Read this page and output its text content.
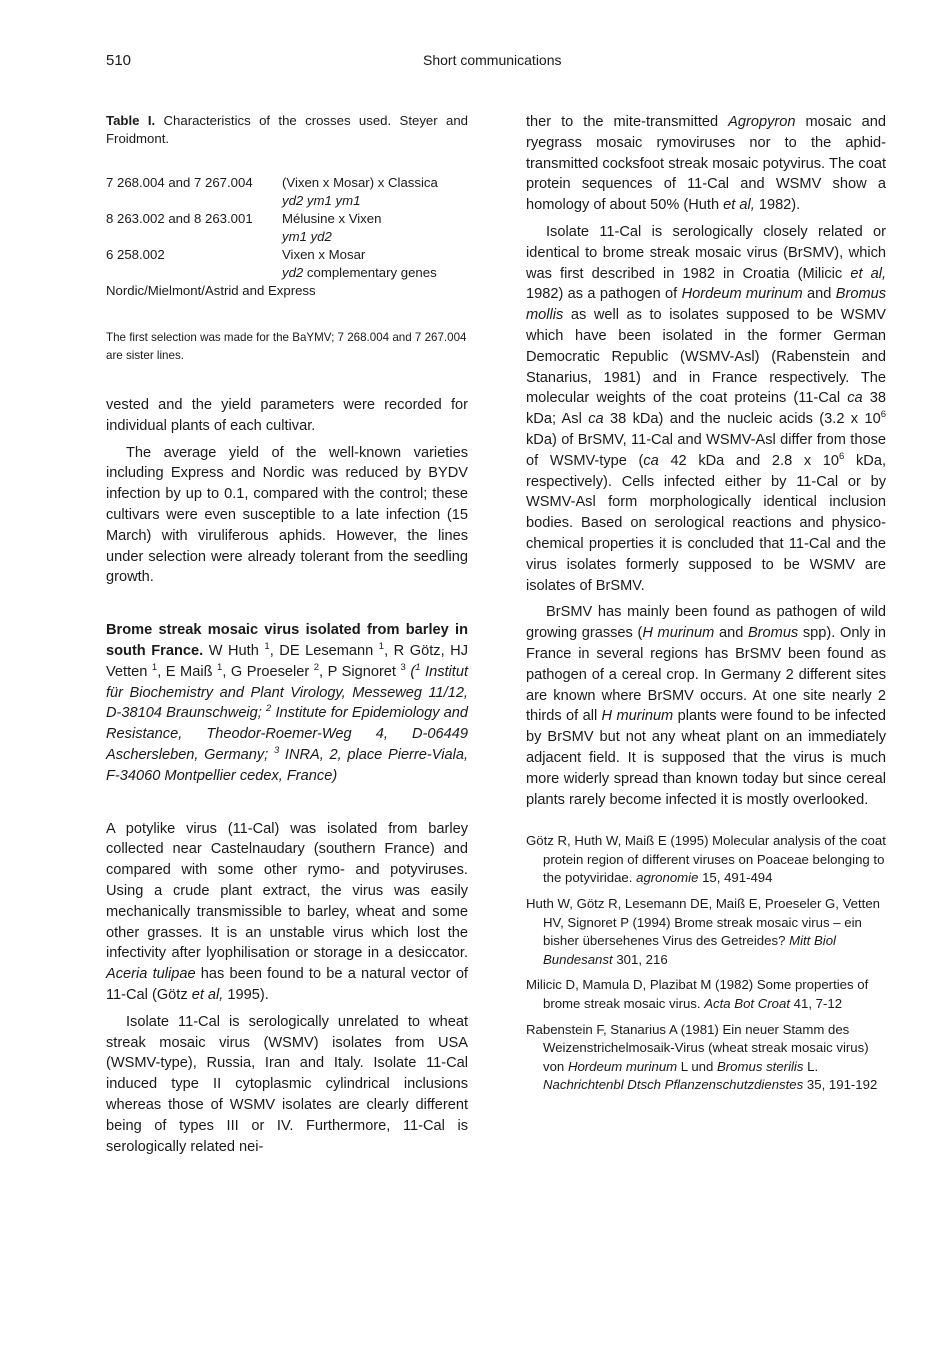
510	Short communications

Table I. Characteristics of the crosses used. Steyer and Froidmont.

7 268.004 and 7 267.004	(Vixen x Mosar) x Classica
yd2 ym1 ym1

8 263.002 and 8 263.001	Mélusine x Vixen
ym1 yd2

6 258.002	Vixen x Mosar
yd2 complementary genes
Nordic/Mielmont/Astrid and Express
The first selection was made for the BaYMV; 7 268.004 and 7 267.004 are sister lines.

vested and the yield parameters were recorded for individual plants of each cultivar.

The average yield of the well-known varieties including Express and Nordic was reduced by BYDV infection by up to 0.1, compared with the control; these cultivars were even susceptible to a late infection (15 March) with viruliferous aphids. However, the lines under selection were already tolerant from the seedling growth.

Brome streak mosaic virus isolated from barley in south France. W Huth $^1$, DE Lesemann $^1$, R Götz, HJ Vetten $^1$, E Maiß $^1$, G Proeseler $^2$, P Signoret $^3$ ($^1$ Institut für Biochemistry and Plant Virology, Messeweg 11/12, D-38104 Braunschweig; $^2$ Institute for Epidemiology and Resistance, Theodor-Roemer-Weg 4, D-06449 Aschersleben, Germany; $^3$ INRA, 2, place Pierre-Viala, F-34060 Montpellier cedex, France)

A potylike virus (11-Cal) was isolated from barley collected near Castelnaudary (southern France) and compared with some other rymo- and potyviruses. Using a crude plant extract, the virus was easily mechanically transmissible to barley, wheat and some other grasses. It is an unstable virus which lost the infectivity after lyophilisation or storage in a desiccator. Aceria tulipae has been found to be a natural vector of 11-Cal (Götz et al, 1995).

Isolate 11-Cal is serologically unrelated to wheat streak mosaic virus (WSMV) isolates from USA (WSMV-type), Russia, Iran and Italy. Isolate 11-Cal induced type II cytoplasmic cylindrical inclusions whereas those of WSMV isolates are clearly different being of types III or IV. Furthermore, 11-Cal is serologically related nei-

ther to the mite-transmitted Agropyron mosaic and ryegrass mosaic rymoviruses nor to the aphid-transmitted cocksfoot streak mosaic potyvirus. The coat protein sequences of 11-Cal and WSMV show a homology of about 50% (Huth et al, 1982).

Isolate 11-Cal is serologically closely related or identical to brome streak mosaic virus (BrSMV), which was first described in 1982 in Croatia (Milicic et al, 1982) as a pathogen of Hordeum murinum and Bromus mollis as well as to isolates supposed to be WSMV which have been isolated in the former German Democratic Republic (WSMV-Asl) (Rabenstein and Stanarius, 1981) and in France respectively. The molecular weights of the coat proteins (11-Cal ca 38 kDa; Asl ca 38 kDa) and the nucleic acids (3.2 x $10^6$ kDa) of BrSMV, 11-Cal and WSMV-Asl differ from those of WSMV-type (ca 42 kDa and 2.8 x $10^6$ kDa, respectively). Cells infected either by 11-Cal or by WSMV-Asl form morphologically identical inclusion bodies. Based on serological reactions and physico-chemical properties it is concluded that 11-Cal and the virus isolates formerly supposed to be WSMV are isolates of BrSMV.

BrSMV has mainly been found as pathogen of wild growing grasses (H murinum and Bromus spp). Only in France in several regions has BrSMV been found as pathogen of a cereal crop. In Germany 2 different sites are known where BrSMV occurs. At one site nearly 2 thirds of all H murinum plants were found to be infected by BrSMV but not any wheat plant on an immediately adjacent field. It is supposed that the virus is much more widerly spread than known today but since cereal plants rarely become infected it is mostly overlooked.

Götz R, Huth W, Maiß E (1995) Molecular analysis of the coat protein region of different viruses on Poaceae belonging to the potyviridae. agronomie 15, 491-494
Huth W, Götz R, Lesemann DE, Maiß E, Proeseler G, Vetten HV, Signoret P (1994) Brome streak mosaic virus – ein bisher übersehenes Virus des Getreides? Mitt Biol Bundesanst 301, 216
Milicic D, Mamula D, Plazibat M (1982) Some properties of brome streak mosaic virus. Acta Bot Croat 41, 7-12
Rabenstein F, Stanarius A (1981) Ein neuer Stamm des Weizenstrichelmosaik-Virus (wheat streak mosaic virus) von Hordeum murinum L und Bromus sterilis L. Nachrichtenbl Dtsch Pflanzenschutzdienstes 35, 191-192
